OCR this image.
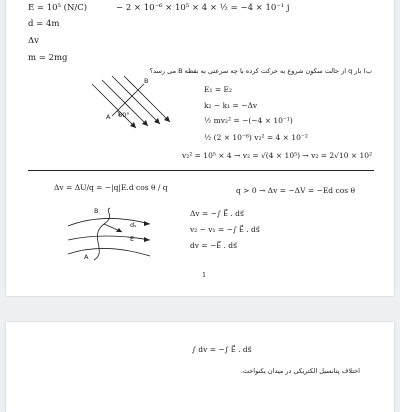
E = 10⁵ (N/C)	− 2 × 10⁻⁶ × 10⁵ × 4 × ½ = −4 × 10⁻¹ j
d = 4m
Δv
m = 2mg
ب) بار q از حالت سکون شروع به حرکت کرده با چه سرعتی به نقطه B می رسد؟
B
A 60°
E₁ = E₂
k₂ − k₁ = −Δv
½ mv₂² = −(−4 × 10⁻¹)
½ (2 × 10⁻⁶) v₂² = 4 × 10⁻²
v₂² = 10⁵ × 4 → v₂ = √(4 × 10⁵) → v₂ = 2√10 × 10²
Δv = ΔU/q = −|q|E.d cos θ / q	q > 0 → Δv = −ΔV = −Ed cos θ
B
dₛ
E
A
Δv = −∫ E⃗ . ds⃗
v₂ − v₁ = −∫ E⃗ . ds⃗
dv = −E⃗ . ds⃗
1
∫ dv = −∫ E⃗ . ds⃗
اختلاف پتانسیل الکتریکی در میدان یکنواخت.
